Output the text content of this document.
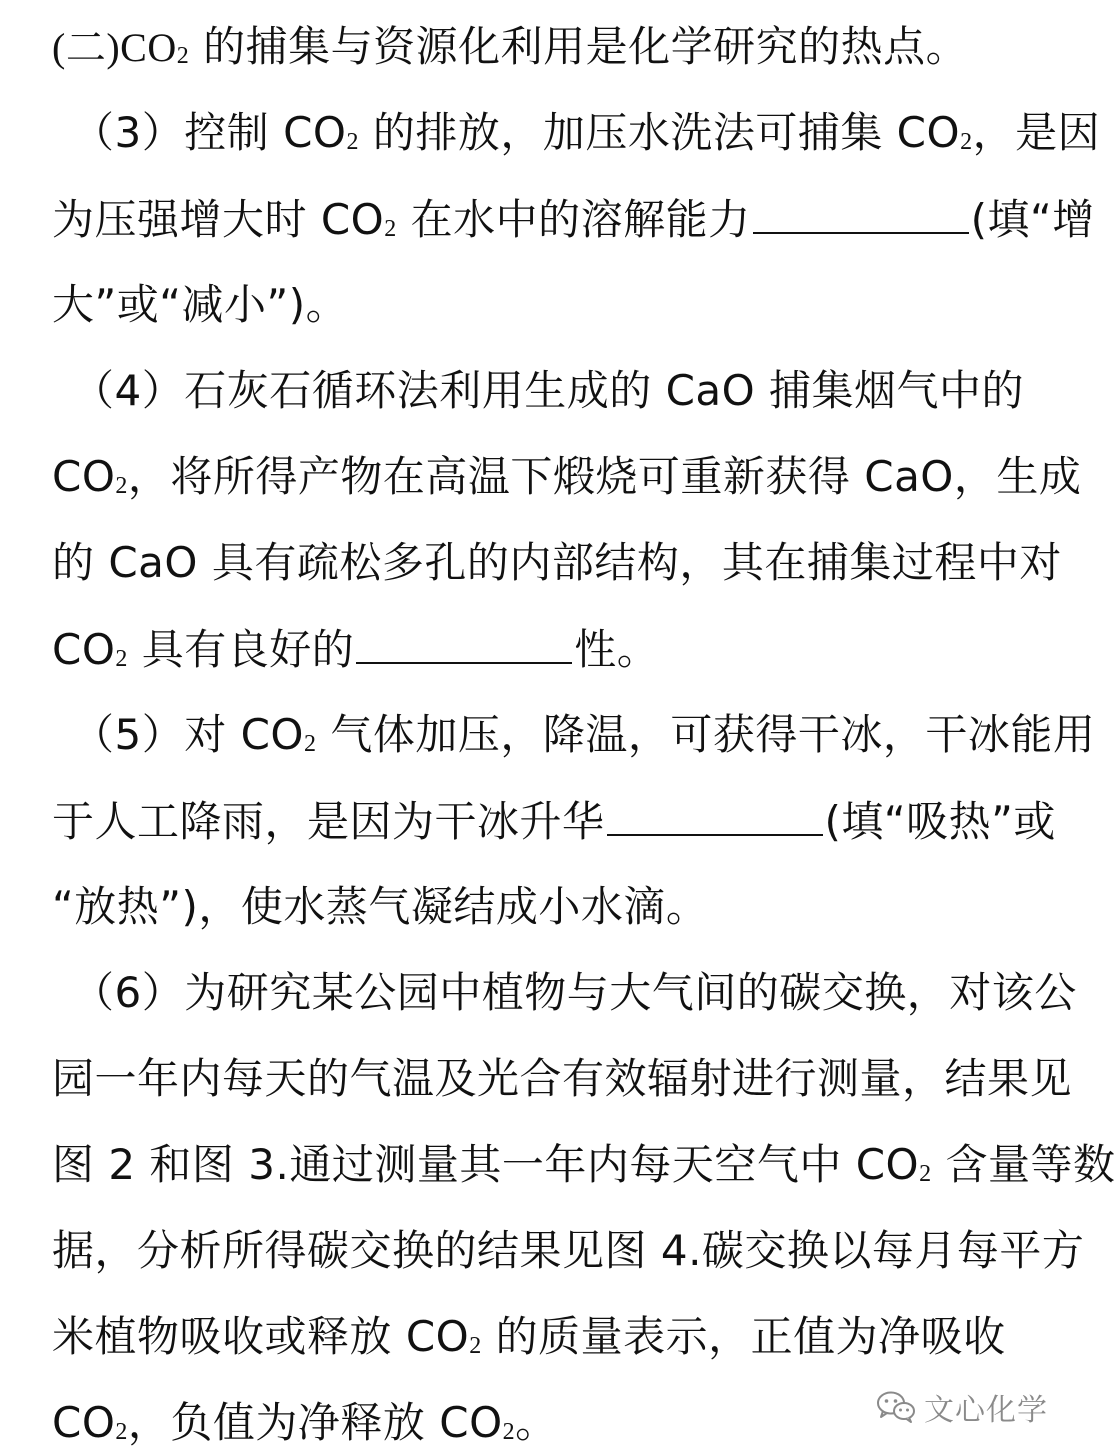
(二)$CO_2$ 的捕集与资源化利用是化学研究的热点。
（3）控制 $CO_2$ 的排放，加压水洗法可捕集 $CO_2$，是因
为压强增大时 $CO_2$ 在水中的溶解能力	(填“增
大”或“减小”)。
（4）石灰石循环法利用生成的 CaO 捕集烟气中的
$CO_2$，将所得产物在高温下煅烧可重新获得 CaO，生成
的 CaO 具有疏松多孔的内部结构，其在捕集过程中对
$CO_2$ 具有良好的	性。
（5）对 $CO_2$ 气体加压，降温，可获得干冰，干冰能用
于人工降雨，是因为干冰升华	(填“吸热”或
“放热”)，使水蒸气凝结成小水滴。
（6）为研究某公园中植物与大气间的碳交换，对该公
园一年内每天的气温及光合有效辐射进行测量，结果见
图 2 和图 3.通过测量其一年内每天空气中 $CO_2$ 含量等数
据，分析所得碳交换的结果见图 4.碳交换以每月每平方
米植物吸收或释放 $CO_2$ 的质量表示，正值为净吸收
$CO_2$，负值为净释放 $CO_2$。	文心化学
